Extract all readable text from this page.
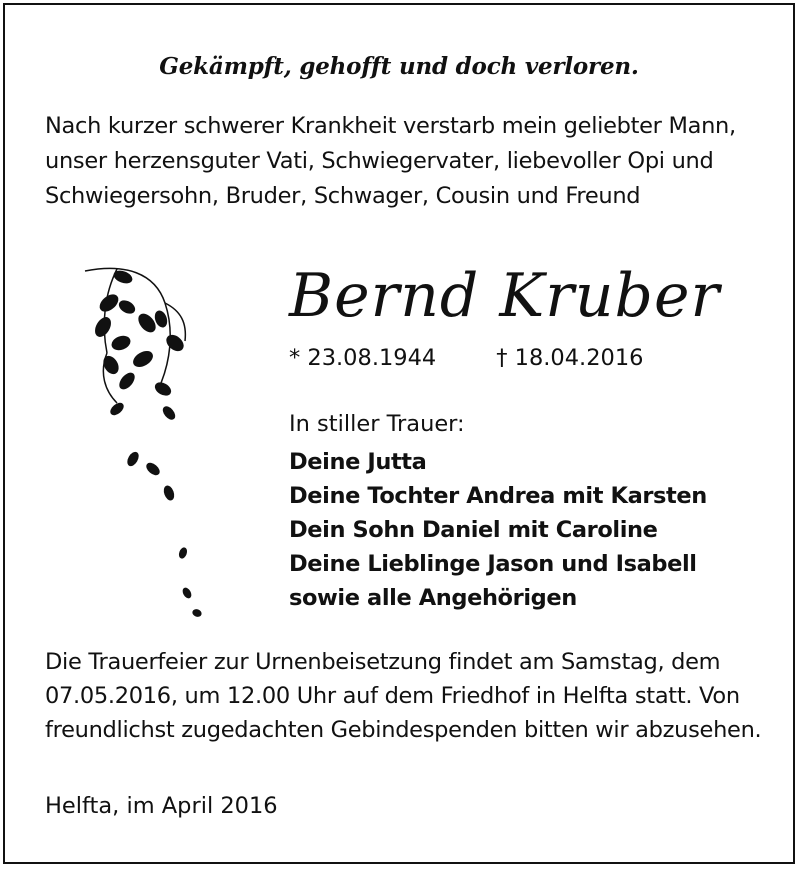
Gekämpft, gehofft und doch verloren.

Nach kurzer schwerer Krankheit verstarb mein geliebter Mann, unser herzensguter Vati, Schwiegervater, liebevoller Opi und Schwiegersohn, Bruder, Schwager, Cousin und Freund

Bernd Kruber
* 23.08.1944	† 18.04.2016
In stiller Trauer:
Deine Jutta
Deine Tochter Andrea mit Karsten
Dein Sohn Daniel mit Caroline
Deine Lieblinge Jason und Isabell
sowie alle Angehörigen

Die Trauerfeier zur Urnenbeisetzung findet am Samstag, dem 07.05.2016, um 12.00 Uhr auf dem Friedhof in Helfta statt. Von freundlichst zugedachten Gebindespenden bitten wir abzusehen.

Helfta, im April 2016
